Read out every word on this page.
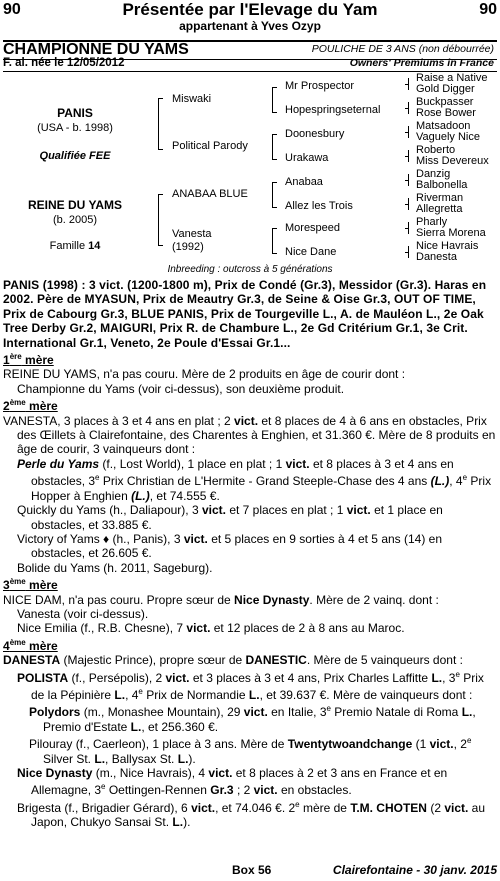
90	Présentée par l'Elevage du Yam	90
appartenant à Yves Ozyp
CHAMPIONNE DU YAMS	POULICHE DE 3 ANS (non débourrée)
F. al. née le 12/05/2012	Owners' Premiums in France
PANIS
(USA - b. 1998)
Qualifiée FEE
REINE DU YAMS
(b. 2005)
Famille 14
Miswaki
Political Parody
ANABAA BLUE
Vanesta
(1992)
Mr Prospector
Hopespringseternal
Doonesbury
Urakawa
Anabaa
Allez les Trois
Morespeed
Nice Dane
Raise a Native
Gold Digger
Buckpasser
Rose Bower
Matsadoon
Vaguely Nice
Roberto
Miss Devereux
Danzig
Balbonella
Riverman
Allegretta
Pharly
Sierra Morena
Nice Havrais
Danesta
Inbreeding : outcross à 5 générations

PANIS (1998) : 3 vict. (1200-1800 m), Prix de Condé (Gr.3), Messidor (Gr.3). Haras en 2002. Père de MYASUN, Prix de Meautry Gr.3, de Seine & Oise Gr.3, OUT OF TIME, Prix de Cabourg Gr.3, BLUE PANIS, Prix de Tourgeville L., A. de Mauléon L., 2e Oak Tree Derby Gr.2, MAIGURI, Prix R. de Chambure L., 2e Gd Critérium Gr.1, 3e Crit. International Gr.1, Veneto, 2e Poule d'Essai Gr.1...

1ère mère

REINE DU YAMS, n'a pas couru. Mère de 2 produits en âge de courir dont :

Championne du Yams (voir ci-dessus), son deuxième produit.

2ème mère

VANESTA, 3 places à 3 et 4 ans en plat ; 2 vict. et 8 places de 4 à 6 ans en obstacles, Prix des Œillets à Clairefontaine, des Charentes à Enghien, et 31.360 €. Mère de 8 produits en âge de courir, 3 vainqueurs dont :

Perle du Yams (f., Lost World), 1 place en plat ; 1 vict. et 8 places à 3 et 4 ans en obstacles, 3e Prix Christian de L'Hermite - Grand Steeple-Chase des 4 ans (L.), 4e Prix Hopper à Enghien (L.), et 74.555 €.

Quickly du Yams (h., Daliapour), 3 vict. et 7 places en plat ; 1 vict. et 1 place en obstacles, et 33.885 €.

Victory of Yams ♦ (h., Panis), 3 vict. et 5 places en 9 sorties à 4 et 5 ans (14) en obstacles, et 26.605 €.

Bolide du Yams (h. 2011, Sageburg).

3ème mère

NICE DAM, n'a pas couru. Propre sœur de Nice Dynasty. Mère de 2 vainq. dont :

Vanesta (voir ci-dessus).

Nice Emilia (f., R.B. Chesne), 7 vict. et 12 places de 2 à 8 ans au Maroc.

4ème mère

DANESTA (Majestic Prince), propre sœur de DANESTIC. Mère de 5 vainqueurs dont :

POLISTA (f., Persépolis), 2 vict. et 3 places à 3 et 4 ans, Prix Charles Laffitte L., 3e Prix de la Pépinière L., 4e Prix de Normandie L., et 39.637 €. Mère de vainqueurs dont :

Polydors (m., Monashee Mountain), 29 vict. en Italie, 3e Premio Natale di Roma L., Premio d'Estate L., et 256.360 €.

Pilouray (f., Caerleon), 1 place à 3 ans. Mère de Twentytwoandchange (1 vict., 2e Silver St. L., Ballysax St. L.).

Nice Dynasty (m., Nice Havrais), 4 vict. et 8 places à 2 et 3 ans en France et en Allemagne, 3e Oettingen-Rennen Gr.3 ; 2 vict. en obstacles.

Brigesta (f., Brigadier Gérard), 6 vict., et 74.046 €. 2e mère de T.M. CHOTEN (2 vict. au Japon, Chukyo Sansai St. L.).

Box 56	Clairefontaine - 30 janv. 2015
